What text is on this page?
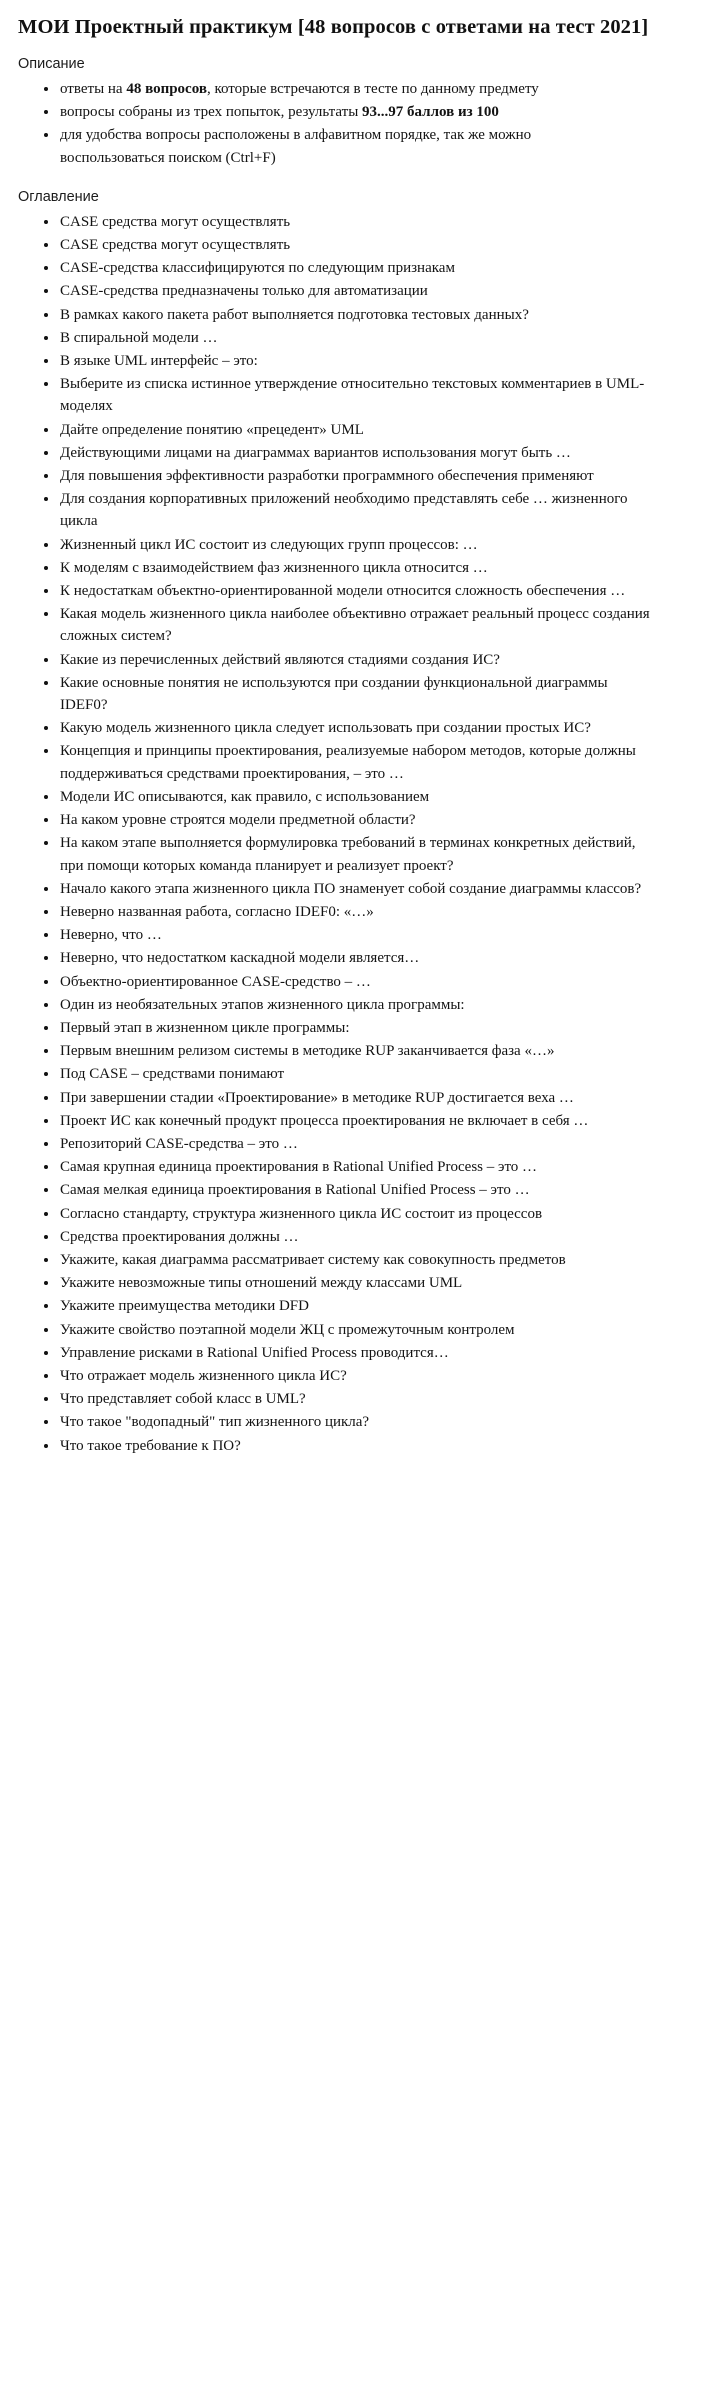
МОИ Проектный практикум [48 вопросов с ответами на тест 2021]
Описание
ответы на 48 вопросов, которые встречаются в тесте по данному предмету
вопросы собраны из трех попыток, результаты 93...97 баллов из 100
для удобства вопросы расположены в алфавитном порядке, так же можно воспользоваться поиском (Ctrl+F)
Оглавление
CASE средства могут осуществлять
CASE средства могут осуществлять
CASE-средства классифицируются по следующим признакам
CASE-средства предназначены только для автоматизации
В рамках какого пакета работ выполняется подготовка тестовых данных?
В спиральной модели …
В языке UML интерфейс – это:
Выберите из списка истинное утверждение относительно текстовых комментариев в UML-моделях
Дайте определение понятию «прецедент» UML
Действующими лицами на диаграммах вариантов использования могут быть …
Для повышения эффективности разработки программного обеспечения применяют
Для создания корпоративных приложений необходимо представлять себе … жизненного цикла
Жизненный цикл ИС состоит из следующих групп процессов: …
К моделям с взаимодействием фаз жизненного цикла относится …
К недостаткам объектно-ориентированной модели относится сложность обеспечения …
Какая модель жизненного цикла наиболее объективно отражает реальный процесс создания сложных систем?
Какие из перечисленных действий являются стадиями создания ИС?
Какие основные понятия не используются при создании функциональной диаграммы IDEF0?
Какую модель жизненного цикла следует использовать при создании простых ИС?
Концепция и принципы проектирования, реализуемые набором методов, которые должны поддерживаться средствами проектирования, – это …
Модели ИС описываются, как правило, с использованием
На каком уровне строятся модели предметной области?
На каком этапе выполняется формулировка требований в терминах конкретных действий, при помощи которых команда планирует и реализует проект?
Начало какого этапа жизненного цикла ПО знаменует собой создание диаграммы классов?
Неверно названная работа, согласно IDEF0: «…»
Неверно, что …
Неверно, что недостатком каскадной модели является…
Объектно-ориентированное CASE-средство – …
Один из необязательных этапов жизненного цикла программы:
Первый этап в жизненном цикле программы:
Первым внешним релизом системы в методике RUP заканчивается фаза «…»
Под CASE – средствами понимают
При завершении стадии «Проектирование» в методике RUP достигается веха …
Проект ИС как конечный продукт процесса проектирования не включает в себя …
Репозиторий CASE-средства – это …
Самая крупная единица проектирования в Rational Unified Process – это …
Самая мелкая единица проектирования в Rational Unified Process – это …
Согласно стандарту, структура жизненного цикла ИС состоит из процессов
Средства проектирования должны …
Укажите, какая диаграмма рассматривает систему как совокупность предметов
Укажите невозможные типы отношений между классами UML
Укажите преимущества методики DFD
Укажите свойство поэтапной модели ЖЦ с промежуточным контролем
Управление рисками в Rational Unified Process проводится…
Что отражает модель жизненного цикла ИС?
Что представляет собой класс в UML?
Что такое "водопадный" тип жизненного цикла?
Что такое требование к ПО?
